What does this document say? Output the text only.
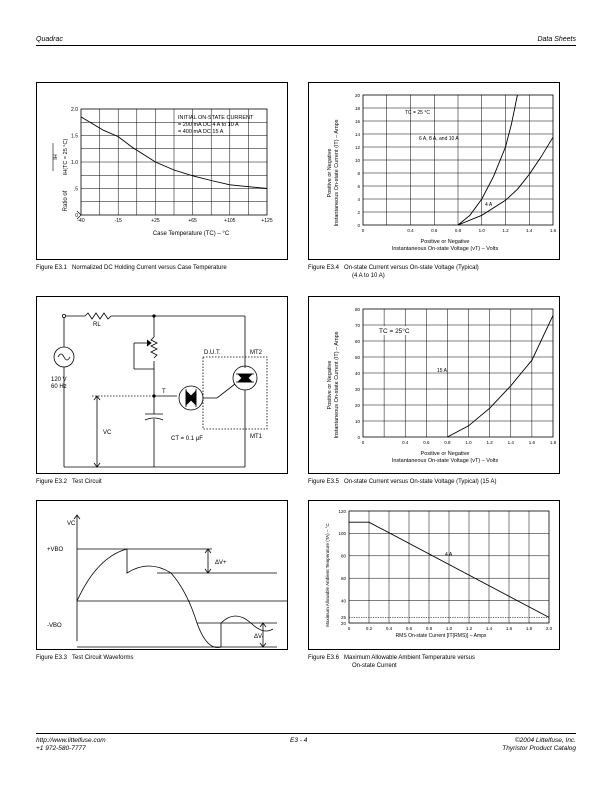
Quadrac	Data Sheets
-40	-15	+25	+65	+105	+125
0
.5
1.0
1.5
2.0
INITIAL ON-STATE CURRENT
= 200 mA DC 4 A to 10 A
= 400 mA DC 15 A
Ratio of
IH IH(TC = 25 °C)
Case Temperature (TC) – °C
Figure E3.1 Normalized DC Holding Current versus Case Temperature
0	0.4	0.6	0.8	1.0	1.2	1.4	1.6
0
2
4
6
8
10
12
14
16
18
20
TC = 25 °C
6 A, 8 A, and 10 A
4 A
Positive or Negative Instantaneous On-state Current (IT) – Amps
Positive or Negative
Instantaneous On-state Voltage (vT) – Volts
Figure E3.4 On-state Current versus On-state Voltage (Typical)
(4 A to 10 A)
RL
D.U.T.	MT2
MT1
120 V
60 Hz
T
VC
CT = 0.1 μF
Figure E3.2 Test Circuit
0	0.4	0.6	0.8	1.0	1.2	1.4	1.6	1.8
0
10
20
30
40
50
60
70
80
TC = 25°C
15 A
Positive or Negative Instantaneous On-state Current (IT) – Amps
Positive or Negative
Instantaneous On-state Voltage (vT) – Volts
Figure E3.5 On-state Current versus On-state Voltage (Typical) (15 A)
VC
+VBO
-VBO
ΔV+
ΔV-
Figure E3.3 Test Circuit Waveforms
0	0.2	0.4	0.6	0.8	1.0	1.2	1.4	1.6	1.8	2.0
20
25
40
60
80
100
120
4 A
Maximum Allowable Ambient Temperature (TA) – °C
RMS On-state Current [IT(RMS)] – Amps
Figure E3.6 Maximum Allowable Ambient Temperature versus
On-state Current
http://www.littelfuse.com
+1 972-580-7777
E3 - 4	©2004 Littelfuse, Inc.
Thyristor Product Catalog
